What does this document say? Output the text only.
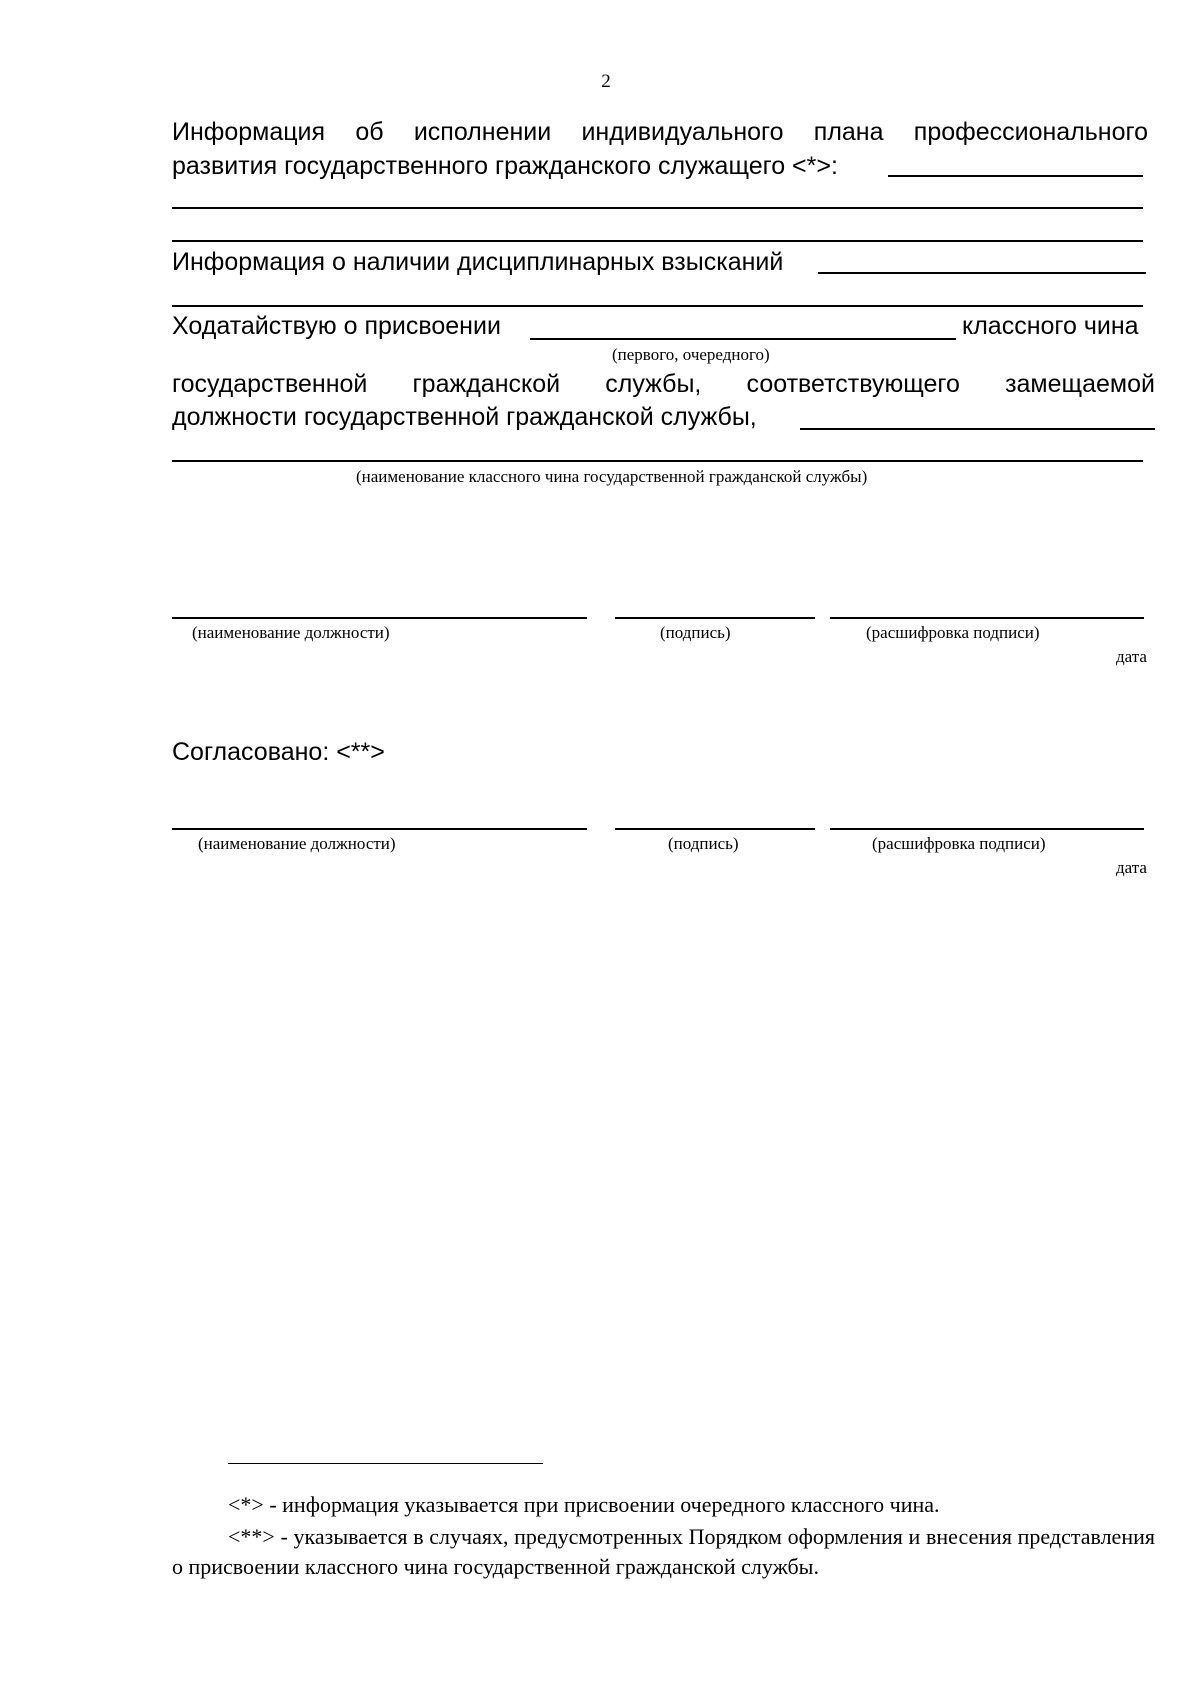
2
Информация об исполнении индивидуального плана профессионального
развития государственного гражданского служащего <*>:
Информация о наличии дисциплинарных взысканий
Ходатайствую о присвоении	классного чина
(первого, очередного)
государственной гражданской службы, соответствующего замещаемой
должности государственной гражданской службы,
(наименование классного чина государственной гражданской службы)
(наименование должности)	(подпись)	(расшифровка подписи)
дата
Согласовано: <**>
(наименование должности)	(подпись)	(расшифровка подписи)
дата
<*> - информация указывается при присвоении очередного классного чина.
<**> - указывается в случаях, предусмотренных Порядком оформления и внесения представления о присвоении классного чина государственной гражданской службы.
